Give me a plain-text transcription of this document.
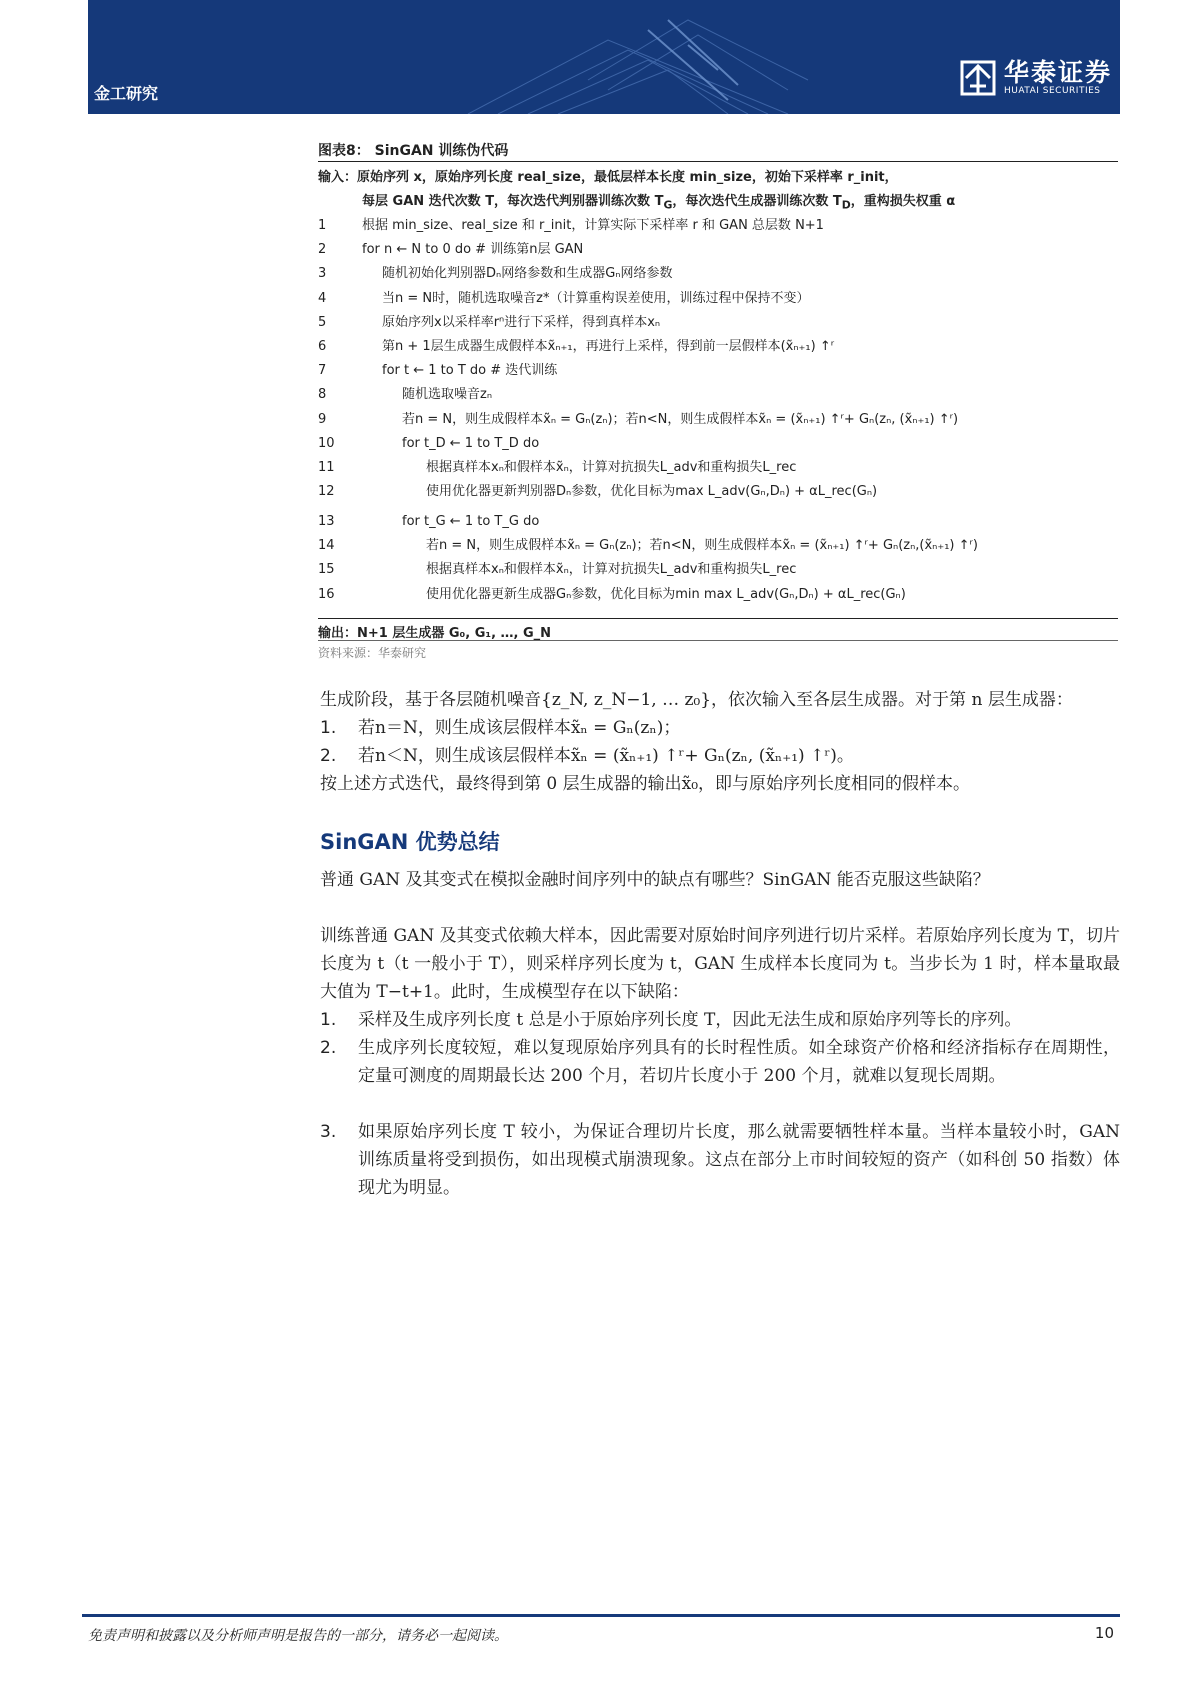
金工研究
华泰证券
HUATAI SECURITIES
图表8： SinGAN 训练伪代码
输入：原始序列 x，原始序列长度 real_size，最低层样本长度 min_size，初始下采样率 r_init，
每层 GAN 迭代次数 T，每次迭代判别器训练次数 $T_G$，每次迭代生成器训练次数 $T_D$，重构损失权重 α
1	根据 min_size、real_size 和 r_init，计算实际下采样率 r 和 GAN 总层数 N+1
2	for n ← N to 0 do # 训练第n层 GAN
3	随机初始化判别器Dₙ网络参数和生成器Gₙ网络参数
4	当n = N时，随机选取噪音z*（计算重构误差使用，训练过程中保持不变）
5	原始序列x以采样率rⁿ进行下采样，得到真样本xₙ
6	第n + 1层生成器生成假样本x̃ₙ₊₁，再进行上采样，得到前一层假样本(x̃ₙ₊₁) ↑ʳ
7	for t ← 1 to T do # 迭代训练
8	随机选取噪音zₙ
9	若n = N，则生成假样本x̃ₙ = Gₙ(zₙ)；若n<N，则生成假样本x̃ₙ = (x̃ₙ₊₁) ↑ʳ+ Gₙ(zₙ, (x̃ₙ₊₁) ↑ʳ)
10	for t_D ← 1 to T_D do
11	根据真样本xₙ和假样本x̃ₙ，计算对抗损失L_adv和重构损失L_rec
12	使用优化器更新判别器Dₙ参数，优化目标为max L_adv(Gₙ,Dₙ) + αL_rec(Gₙ)
13	for t_G ← 1 to T_G do
14	若n = N，则生成假样本x̃ₙ = Gₙ(zₙ)；若n<N，则生成假样本x̃ₙ = (x̃ₙ₊₁) ↑ʳ+ Gₙ(zₙ,(x̃ₙ₊₁) ↑ʳ)
15	根据真样本xₙ和假样本x̃ₙ，计算对抗损失L_adv和重构损失L_rec
16	使用优化器更新生成器Gₙ参数，优化目标为min max L_adv(Gₙ,Dₙ) + αL_rec(Gₙ)
输出：N+1 层生成器 G₀, G₁, …, G_N
资料来源：华泰研究
生成阶段，基于各层随机噪音{z_N, z_N−1, … z₀}，依次输入至各层生成器。对于第 n 层生成器：
1. 若n＝N，则生成该层假样本x̃ₙ = Gₙ(zₙ)；
2. 若n＜N，则生成该层假样本x̃ₙ = (x̃ₙ₊₁) ↑ʳ+ Gₙ(zₙ, (x̃ₙ₊₁) ↑ʳ)。
按上述方式迭代，最终得到第 0 层生成器的输出x̃₀，即与原始序列长度相同的假样本。
SinGAN 优势总结
普通 GAN 及其变式在模拟金融时间序列中的缺点有哪些？SinGAN 能否克服这些缺陷？
训练普通 GAN 及其变式依赖大样本，因此需要对原始时间序列进行切片采样。若原始序列长度为 T，切片长度为 t（t 一般小于 T），则采样序列长度为 t，GAN 生成样本长度同为 t。当步长为 1 时，样本量取最大值为 T−t+1。此时，生成模型存在以下缺陷：
1. 采样及生成序列长度 t 总是小于原始序列长度 T，因此无法生成和原始序列等长的序列。
2. 生成序列长度较短，难以复现原始序列具有的长时程性质。如全球资产价格和经济指标存在周期性，定量可测度的周期最长达 200 个月，若切片长度小于 200 个月，就难以复现长周期。
3. 如果原始序列长度 T 较小，为保证合理切片长度，那么就需要牺牲样本量。当样本量较小时，GAN 训练质量将受到损伤，如出现模式崩溃现象。这点在部分上市时间较短的资产（如科创 50 指数）体现尤为明显。
免责声明和披露以及分析师声明是报告的一部分，请务必一起阅读。	10
